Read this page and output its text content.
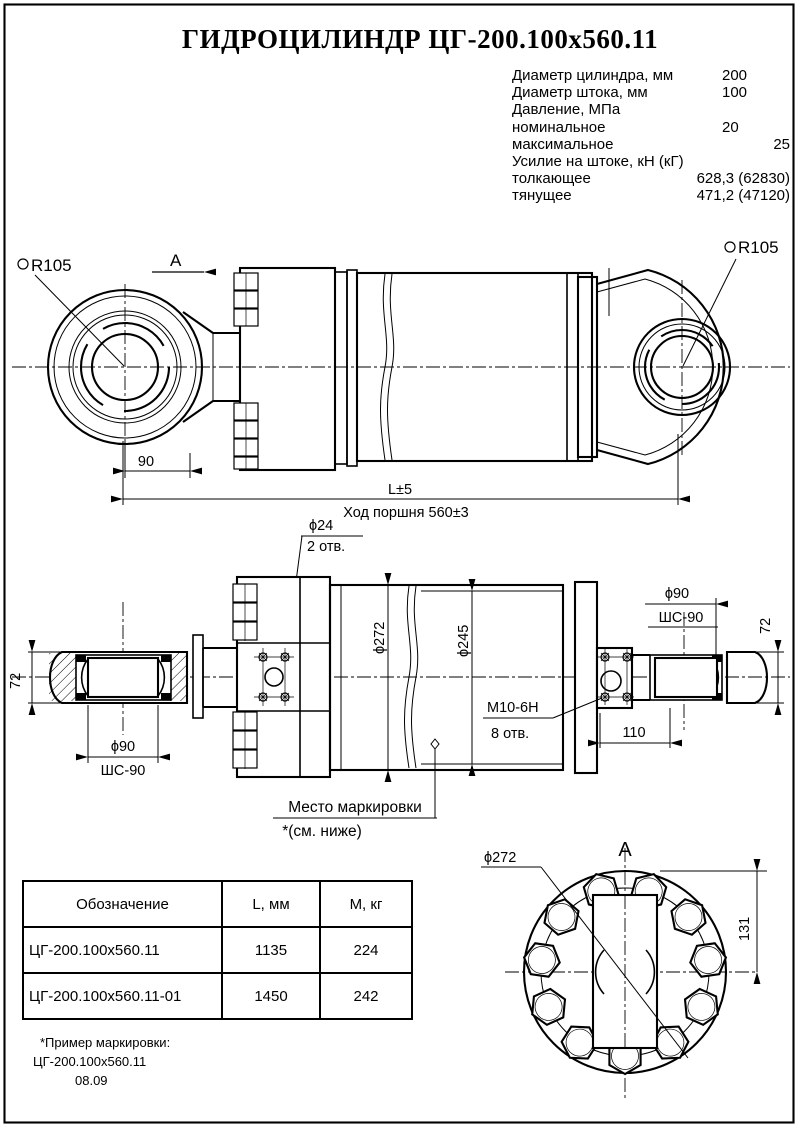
ГИДРОЦИЛИНДР ЦГ-200.100х560.11
Диаметр цилиндра, мм	200
Диаметр штока, мм	100
Давление, МПа
номинальное	20
максимальное	25
Усилие на штоке, кН (кГ)
толкающее	628,3 (62830)
тянущее	471,2 (47120)
R105
R105
А
90
L±5
Ход поршня 560±3
ϕ24
2 отв.
72
ϕ90
ШС-90
ϕ272	ϕ245
М10-6Н
8 отв.
ϕ90
ШС-90	72
110
Место маркировки
*(см. ниже)
А
ϕ272
131
Обозначение	L, мм	М, кг
ЦГ-200.100х560.11	1135	224
ЦГ-200.100х560.11-01	1450	242
*Пример маркировки:
ЦГ-200.100х560.11
08.09
